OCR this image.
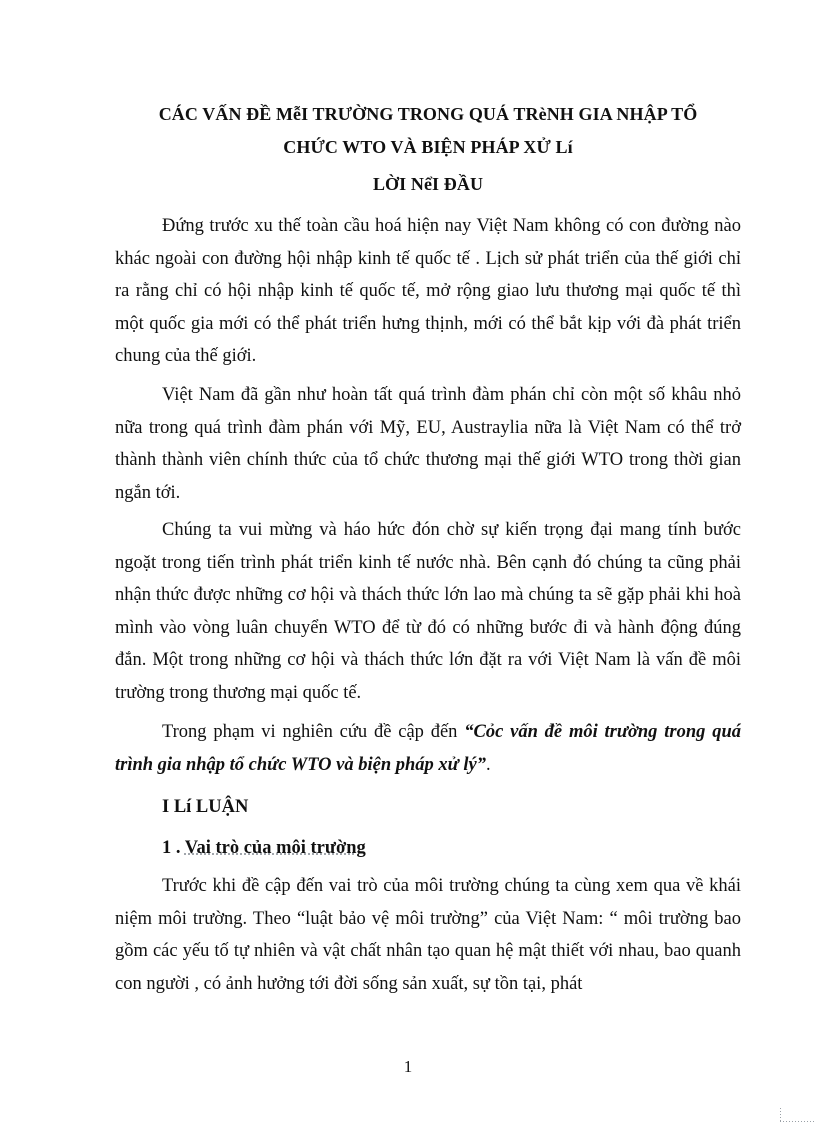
CÁC VẤN ĐỀ MễI TRƯỜNG TRONG QUÁ TRèNH GIA NHẬP TỔ
CHỨC WTO VÀ BIỆN PHÁP XỬ Lí
LỜI NểI ĐẦU

Đứng trước xu thế toàn cầu hoá hiện nay Việt Nam không có con đường nào khác ngoài con đường hội nhập kinh tế quốc tế . Lịch sử phát triển của thế giới chỉ ra rằng chỉ có hội nhập kinh tế quốc tế, mở rộng giao lưu thương mại quốc tế thì một quốc gia mới có thể phát triển hưng thịnh, mới có thể bắt kịp với đà phát triển chung của thế giới.

Việt Nam đã gần như hoàn tất quá trình đàm phán chỉ còn một số khâu nhỏ nữa trong quá trình đàm phán với Mỹ, EU, Austraylia nữa là Việt Nam có thể trở thành thành viên chính thức của tổ chức thương mại thế giới WTO trong thời gian ngắn tới.

Chúng ta vui mừng và háo hức đón chờ sự kiến trọng đại mang tính bước ngoặt trong tiến trình phát triển kinh tế nước nhà. Bên cạnh đó chúng ta cũng phải nhận thức được những cơ hội và thách thức lớn lao mà chúng ta sẽ gặp phải khi hoà mình vào vòng luân chuyển WTO để từ đó có những bước đi và hành động đúng đắn. Một trong những cơ hội và thách thức lớn đặt ra với Việt Nam là vấn đề môi trường trong thương mại quốc tế.

Trong phạm vi nghiên cứu đề cập đến “Cỏc vấn đề môi trường trong quá trình gia nhập tổ chức WTO và biện pháp xử lý”.

I Lí LUẬN

1 . Vai trò của môi trường

Trước khi đề cập đến vai trò của môi trường chúng ta cùng xem qua về khái niệm môi trường. Theo “luật bảo vệ môi trường” của Việt Nam: “ môi trường bao gồm các yếu tố tự nhiên và vật chất nhân tạo quan hệ mật thiết với nhau, bao quanh con người , có ảnh hưởng tới đời sống sản xuất, sự tồn tại, phát

1
